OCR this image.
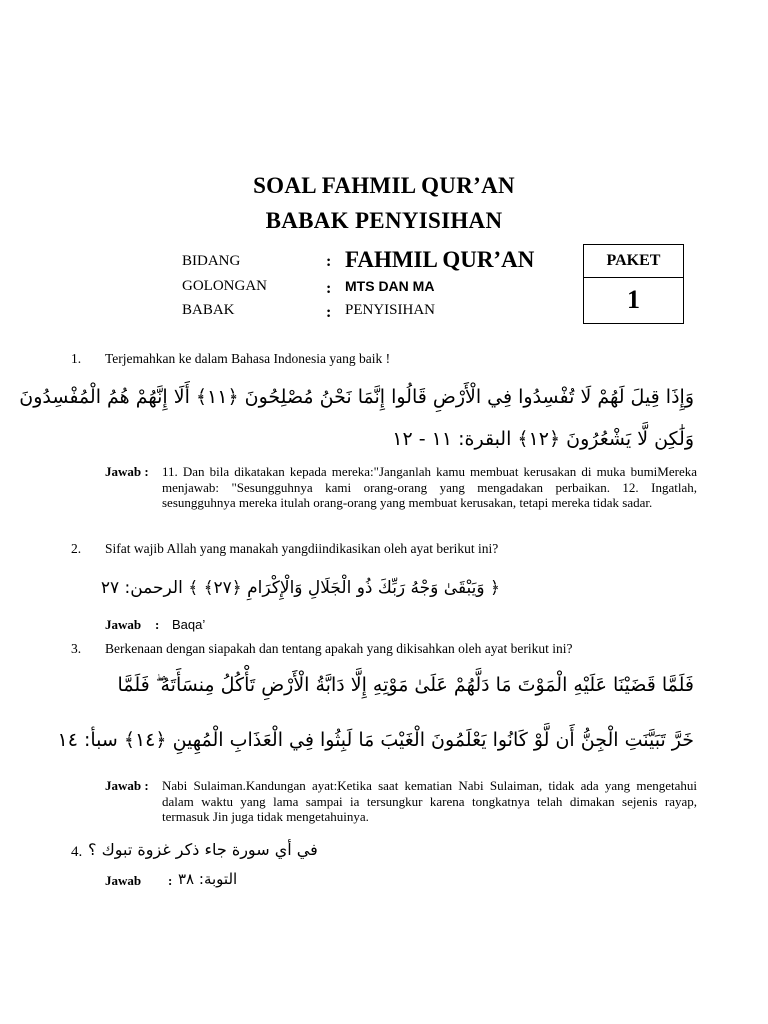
SOAL FAHMIL QUR’AN
BABAK PENYISIHAN
BIDANG	: FAHMIL QUR’AN
GOLONGAN	: MTS DAN MA
BABAK	: PENYISIHAN
PAKET
1
1. Terjemahkan ke dalam Bahasa Indonesia yang baik !
وَإِذَا قِيلَ لَهُمْ لَا تُفْسِدُوا فِي الْأَرْضِ قَالُوا إِنَّمَا نَحْنُ مُصْلِحُونَ ﴿١١﴾ أَلَا إِنَّهُمْ هُمُ الْمُفْسِدُونَ
وَلَٰكِن لَّا يَشْعُرُونَ ﴿١٢﴾ البقرة: ١١ - ١٢
Jawab : 11. Dan bila dikatakan kepada mereka:"Janganlah kamu membuat kerusakan di muka bumiMereka menjawab: "Sesungguhnya kami orang-orang yang mengadakan perbaikan. 12. Ingatlah, sesungguhnya mereka itulah orang-orang yang membuat kerusakan, tetapi mereka tidak sadar.
2. Sifat wajib Allah yang manakah yangdiindikasikan oleh ayat berikut ini?
﴿ وَيَبْقَىٰ وَجْهُ رَبِّكَ ذُو الْجَلَالِ وَالْإِكْرَامِ ﴿٢٧﴾ ﴾ الرحمن: ٢٧
Jawab : Baqa’
3. Berkenaan dengan siapakah dan tentang apakah yang dikisahkan oleh ayat berikut ini?
فَلَمَّا قَضَيْنَا عَلَيْهِ الْمَوْتَ مَا دَلَّهُمْ عَلَىٰ مَوْتِهِ إِلَّا دَابَّةُ الْأَرْضِ تَأْكُلُ مِنسَأَتَهُ ۖ فَلَمَّا
خَرَّ تَبَيَّنَتِ الْجِنُّ أَن لَّوْ كَانُوا يَعْلَمُونَ الْغَيْبَ مَا لَبِثُوا فِي الْعَذَابِ الْمُهِينِ ﴿١٤﴾ سبأ: ١٤
Jawab : Nabi Sulaiman.Kandungan ayat:Ketika saat kematian Nabi Sulaiman, tidak ada yang mengetahui dalam waktu yang lama sampai ia tersungkur karena tongkatnya telah dimakan sejenis rayap, termasuk Jin juga tidak mengetahuinya.
4. في أي سورة جاء ذكر غزوة تبوك ؟
Jawab : التوبة: ٣٨
